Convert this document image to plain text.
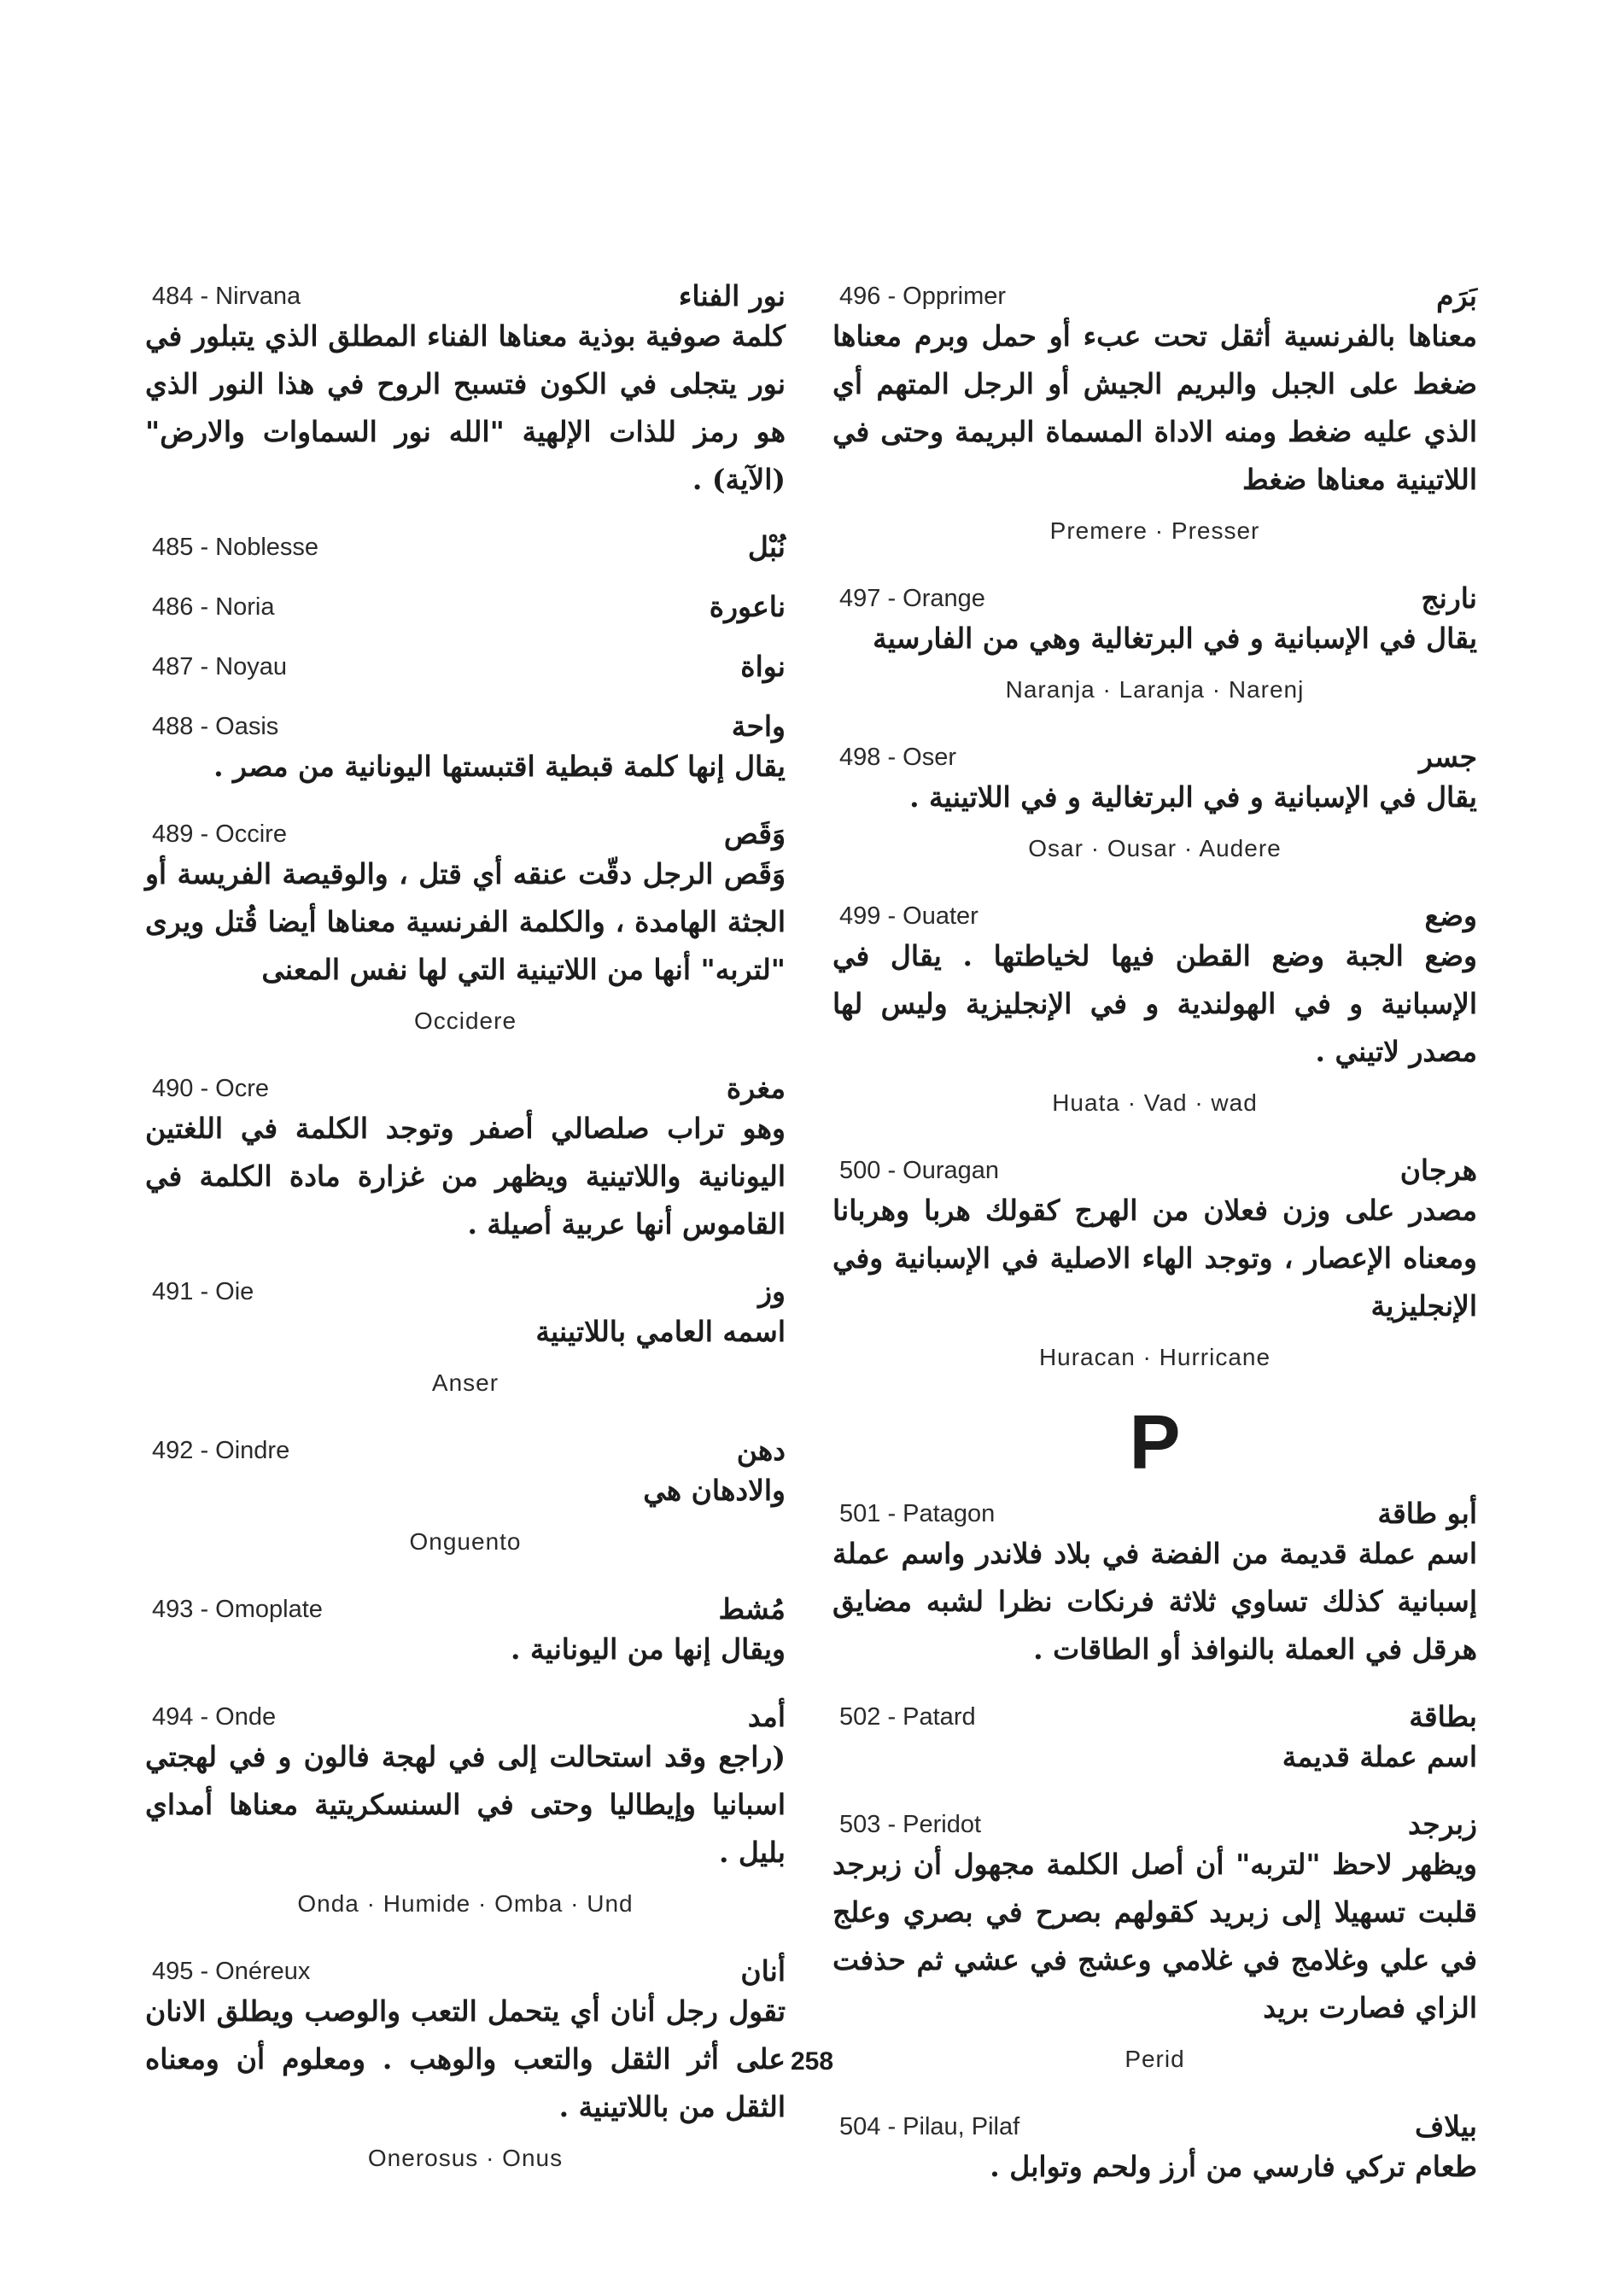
484 - Nirvana	نور الفناء

كلمة صوفية بوذية معناها الفناء المطلق الذي يتبلور في نور يتجلى في الكون فتسبح الروح في هذا النور الذي هو رمز للذات الإلهية "الله نور السماوات والارض"(الآية) .

485 - Noblesse	نُبْل
486 - Noria	ناعورة
487 - Noyau	نواة
488 - Oasis	واحة

يقال إنها كلمة قبطية اقتبستها اليونانية من مصر .

489 - Occire	وَقَص

وَقَص الرجل دقّت عنقه أي قتل ، والوقيصة الفريسة أو الجثة الهامدة ، والكلمة الفرنسية معناها أيضا قُتل ويرى "لتربه" أنها من اللاتينية التي لها نفس المعنى

Occidere
490 - Ocre	مغرة

وهو تراب صلصالي أصفر وتوجد الكلمة في اللغتين اليونانية واللاتينية ويظهر من غزارة مادة الكلمة في القاموس أنها عربية أصيلة .

491 - Oie	وز

اسمه العامي باللاتينية

Anser
492 - Oindre	دهن

والادهان هي

Onguento
493 - Omoplate	مُشط

ويقال إنها من اليونانية .

494 - Onde	أمد

(راجع وقد استحالت إلى في لهجة فالون و في لهجتي اسبانيا وإيطاليا وحتى في السنسكريتية معناها أمداي بليل .

Onda · Humide · Omba · Und
495 - Onéreux	أنان

تقول رجل أنان أي يتحمل التعب والوصب ويطلق الانان على أثر الثقل والتعب والوهب . ومعلوم أن ومعناه الثقل من باللاتينية .

Onerosus · Onus
496 - Opprimer	بَرَم

معناها بالفرنسية أثقل تحت عبء أو حمل وبرم معناها ضغط على الجبل والبريم الجيش أو الرجل المتهم أي الذي عليه ضغط ومنه الاداة المسماة البريمة وحتى في اللاتينية معناها ضغط

Premere · Presser
497 - Orange	نارنج

يقال في الإسبانية و في البرتغالية وهي من الفارسية

Naranja · Laranja · Narenj
498 - Oser	جسر

يقال في الإسبانية و في البرتغالية و في اللاتينية .

Osar · Ousar · Audere
499 - Ouater	وضع

وضع الجبة وضع القطن فيها لخياطتها . يقال في الإسبانية و في الهولندية و في الإنجليزية وليس لها مصدر لاتيني .

Huata · Vad · wad
500 - Ouragan	هرجان

مصدر على وزن فعلان من الهرج كقولك هربا وهربانا ومعناه الإعصار ، وتوجد الهاء الاصلية في الإسبانية وفي الإنجليزية

Huracan · Hurricane
P
501 - Patagon	أبو طاقة

اسم عملة قديمة من الفضة في بلاد فلاندر واسم عملة إسبانية كذلك تساوي ثلاثة فرنكات نظرا لشبه مضايق هرقل في العملة بالنوافذ أو الطاقات .

502 - Patard	بطاقة

اسم عملة قديمة

503 - Peridot	زبرجد

ويظهر لاحظ "لتربه" أن أصل الكلمة مجهول أن زبرجد قلبت تسهيلا إلى زبريد كقولهم بصرح في بصري وعلج في علي وغلامج في غلامي وعشج في عشي ثم حذفت الزاي فصارت بريد

Perid
504 - Pilau, Pilaf	بيلاف

طعام تركي فارسي من أرز ولحم وتوابل .

258
